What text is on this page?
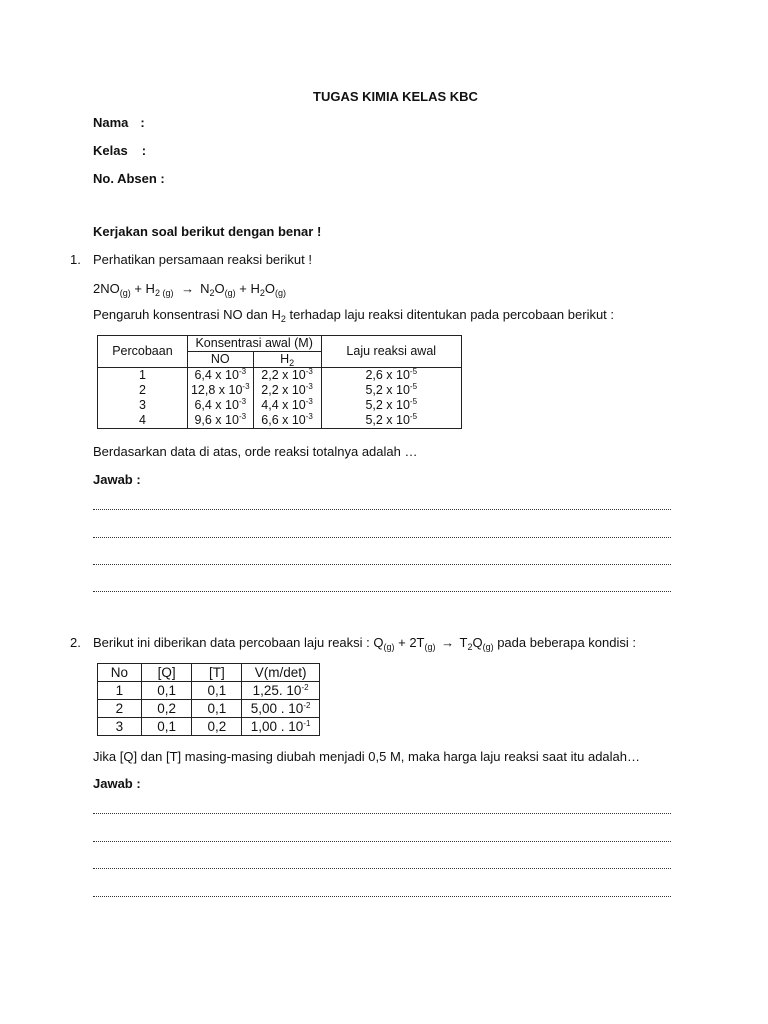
TUGAS KIMIA KELAS KBC
Nama :
Kelas :
No. Absen :
Kerjakan soal berikut dengan benar !
1. Perhatikan persamaan reaksi berikut !
$2NO_{(g)} + H_2$ $_{(g)} \to N_2O_{(g)} + H_2O_{(g)}$
Pengaruh konsentrasi NO dan $H_2$ terhadap laju reaksi ditentukan pada percobaan berikut :
Percobaan	Konsentrasi awal (M)		Laju reaksi awal
	NO	$H_2$
1	6,4 x $10^{-3}$	2,2 x $10^{-3}$	2,6 x $10^{-5}$
2	12,8 x $10^{-3}$	2,2 x $10^{-3}$	5,2 x $10^{-5}$
3	6,4 x $10^{-3}$	4,4 x $10^{-3}$	5,2 x $10^{-5}$
4	9,6 x $10^{-3}$	6,6 x $10^{-3}$	5,2 x $10^{-5}$
Berdasarkan data di atas, orde reaksi totalnya adalah …
Jawab :
2. Berikut ini diberikan data percobaan laju reaksi : $Q_{(g)} + 2T_{(g)} \to T_2Q_{(g)}$ pada beberapa kondisi :
No	[Q]	[T]	V(m/det)
1	0,1	0,1	1,25. $10^{-2}$
2	0,2	0,1	5,00 . $10^{-2}$
3	0,1	0,2	1,00 . $10^{-1}$
Jika [Q] dan [T] masing-masing diubah menjadi 0,5 M, maka harga laju reaksi saat itu adalah…
Jawab :
